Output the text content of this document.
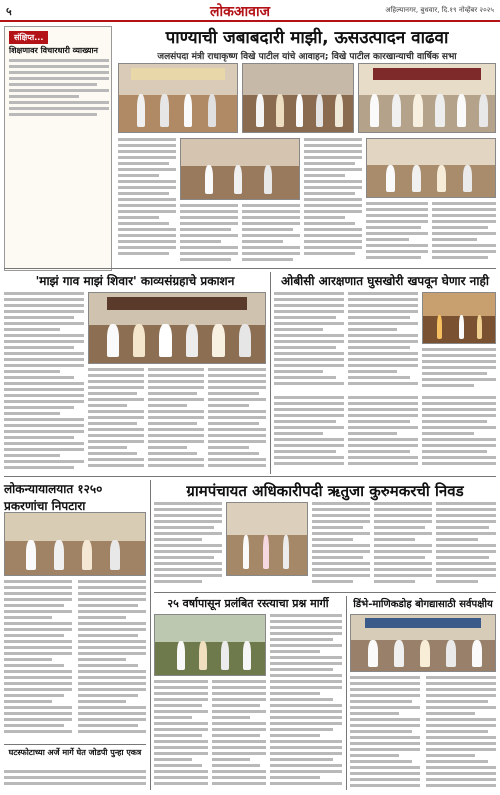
५	लोकआवाज	अहिल्यानगर, बुधवार, दि.१९ नोव्हेंबर २०२५
संक्षिप्त...
शिक्षणावर विचारधारी व्याख्यान
पाण्याची जबाबदारी माझी, ऊसउत्पादन वाढवा
जलसंपदा मंत्री राधाकृष्ण विखे पाटील यांचे आवाहन; विखे पाटील कारखान्याची वार्षिक सभा
'माझं गाव माझं शिवार' काव्यसंग्रहाचे प्रकाशन	ओबीसी आरक्षणात घुसखोरी खपवून घेणार नाही
लोकन्यायालयात १२५० प्रकरणांचा निपटारा
ग्रामपंचायत अधिकारीपदी ऋतुजा कुरुमकरची निवड
२५ वर्षापासून प्रलंबित रस्त्याचा प्रश्न मार्गी	डिंभे-माणिकडोह बोगद्यासाठी सर्वपक्षीय
घटस्फोटाच्या अर्जे मार्गे घेत जोडपी पुन्हा एकत्र
